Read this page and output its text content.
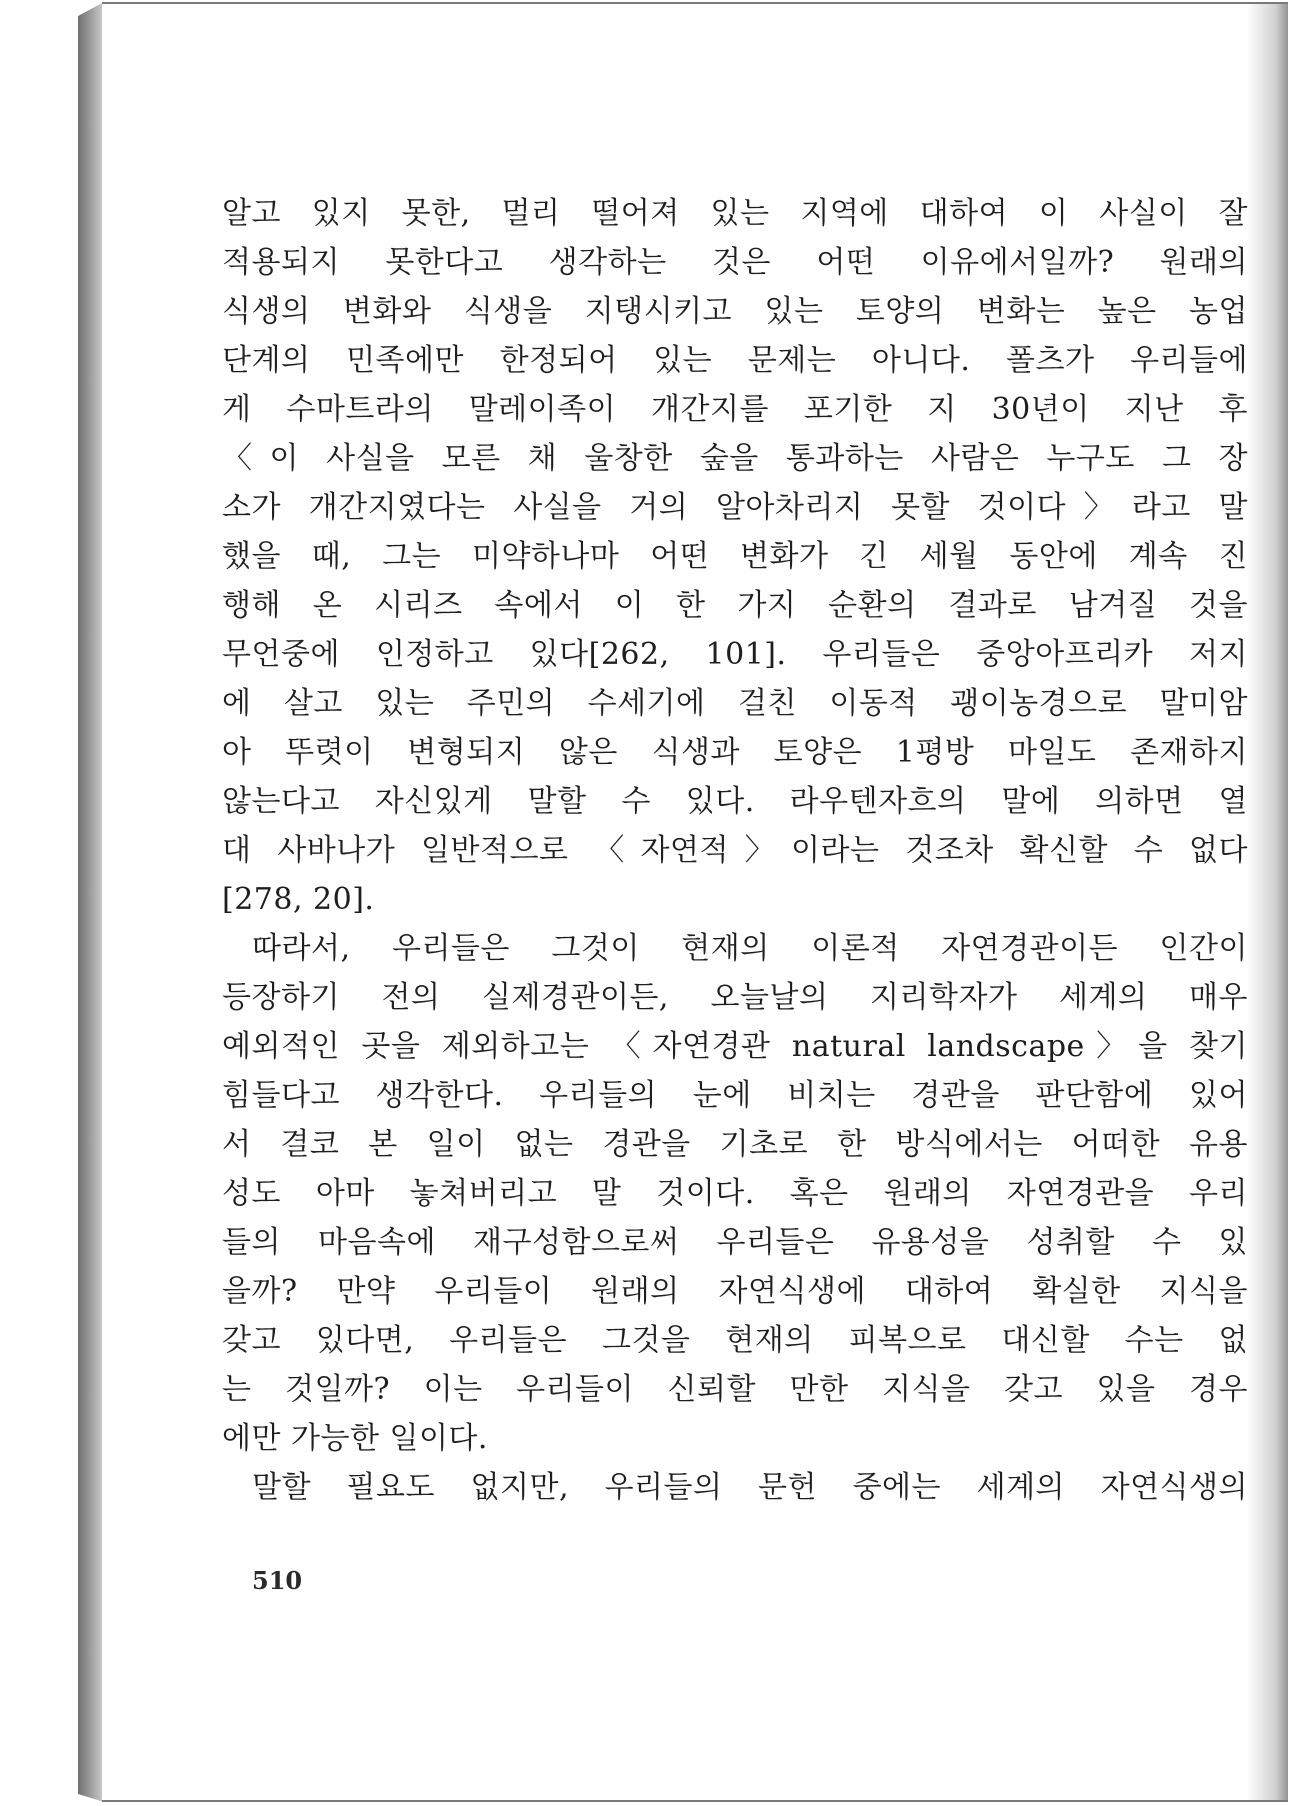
알고 있지 못한, 멀리 떨어져 있는 지역에 대하여 이 사실이 잘
적용되지 못한다고 생각하는 것은 어떤 이유에서일까? 원래의
식생의 변화와 식생을 지탱시키고 있는 토양의 변화는 높은 농업
단계의 민족에만 한정되어 있는 문제는 아니다. 폴츠가 우리들에
게 수마트라의 말레이족이 개간지를 포기한 지 30년이 지난 후
〈이 사실을 모른 채 울창한 숲을 통과하는 사람은 누구도 그 장
소가 개간지였다는 사실을 거의 알아차리지 못할 것이다〉라고 말
했을 때, 그는 미약하나마 어떤 변화가 긴 세월 동안에 계속 진
행해 온 시리즈 속에서 이 한 가지 순환의 결과로 남겨질 것을
무언중에 인정하고 있다[262, 101]. 우리들은 중앙아프리카 저지
에 살고 있는 주민의 수세기에 걸친 이동적 괭이농경으로 말미암
아 뚜렷이 변형되지 않은 식생과 토양은 1평방 마일도 존재하지
않는다고 자신있게 말할 수 있다. 라우텐자흐의 말에 의하면 열
대 사바나가 일반적으로 〈자연적〉이라는 것조차 확신할 수 없다
[278, 20].
따라서, 우리들은 그것이 현재의 이론적 자연경관이든 인간이
등장하기 전의 실제경관이든, 오늘날의 지리학자가 세계의 매우
예외적인 곳을 제외하고는 〈자연경관 natural landscape〉을 찾기
힘들다고 생각한다. 우리들의 눈에 비치는 경관을 판단함에 있어
서 결코 본 일이 없는 경관을 기초로 한 방식에서는 어떠한 유용
성도 아마 놓쳐버리고 말 것이다. 혹은 원래의 자연경관을 우리
들의 마음속에 재구성함으로써 우리들은 유용성을 성취할 수 있
을까? 만약 우리들이 원래의 자연식생에 대하여 확실한 지식을
갖고 있다면, 우리들은 그것을 현재의 피복으로 대신할 수는 없
는 것일까? 이는 우리들이 신뢰할 만한 지식을 갖고 있을 경우
에만 가능한 일이다.
말할 필요도 없지만, 우리들의 문헌 중에는 세계의 자연식생의
510
